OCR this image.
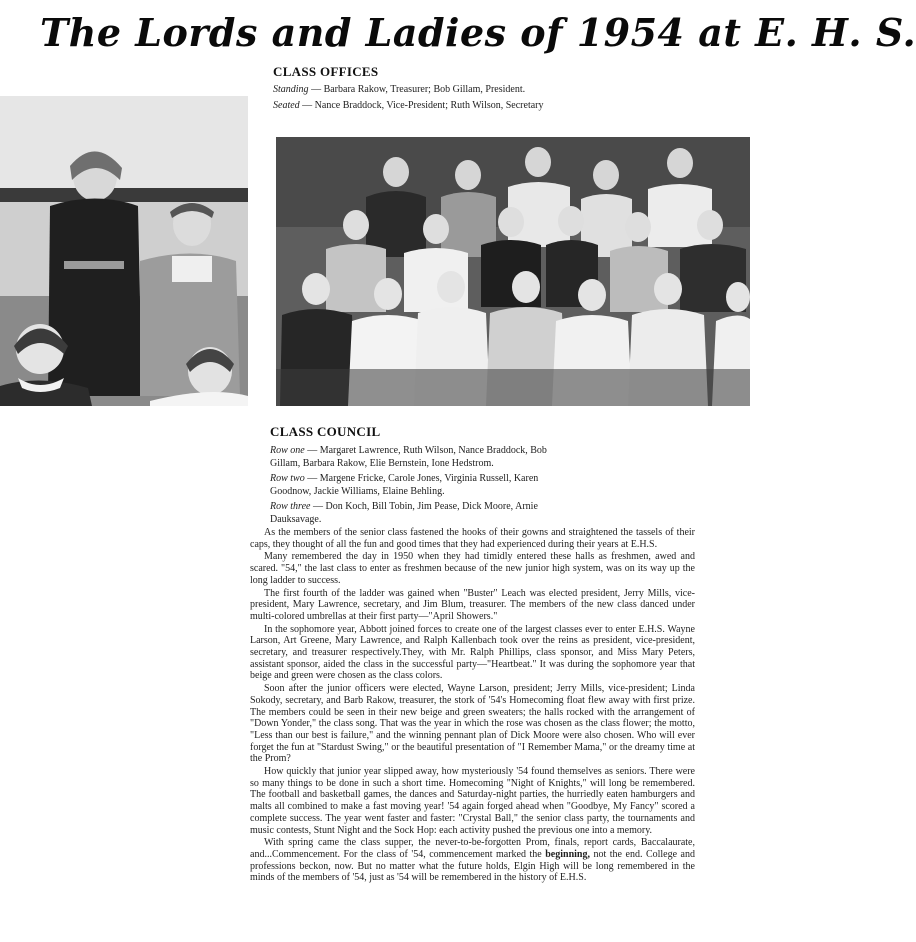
The Lords and Ladies of 1954 at E. H. S.
CLASS OFFICES

Standing — Barbara Rakow, Treasurer; Bob Gillam, President.

Seated — Nance Braddock, Vice-President; Ruth Wilson, Secretary

CLASS COUNCIL

Row one — Margaret Lawrence, Ruth Wilson, Nance Braddock, Bob Gillam, Barbara Rakow, Elie Bernstein, Ione Hedstrom.

Row two — Margene Fricke, Carole Jones, Virginia Russell, Karen Goodnow, Jackie Williams, Elaine Behling.

Row three — Don Koch, Bill Tobin, Jim Pease, Dick Moore, Arnie Dauksavage.

As the members of the senior class fastened the hooks of their gowns and straightened the tassels of their caps, they thought of all the fun and good times that they had experienced during their years at E.H.S.

Many remembered the day in 1950 when they had timidly entered these halls as freshmen, awed and scared. "54," the last class to enter as freshmen because of the new junior high system, was on its way up the long ladder to success.

The first fourth of the ladder was gained when "Buster" Leach was elected president, Jerry Mills, vice-president, Mary Lawrence, secretary, and Jim Blum, treasurer. The members of the new class danced under multi-colored umbrellas at their first party—"April Showers."

In the sophomore year, Abbott joined forces to create one of the largest classes ever to enter E.H.S. Wayne Larson, Art Greene, Mary Lawrence, and Ralph Kallenbach took over the reins as president, vice-president, secretary, and treasurer respectively.They, with Mr. Ralph Phillips, class sponsor, and Miss Mary Peters, assistant sponsor, aided the class in the successful party—"Heartbeat." It was during the sophomore year that beige and green were chosen as the class colors.

Soon after the junior officers were elected, Wayne Larson, president; Jerry Mills, vice-president; Linda Sokody, secretary, and Barb Rakow, treasurer, the stork of '54's Homecoming float flew away with first prize. The members could be seen in their new beige and green sweaters; the halls rocked with the arrangement of "Down Yonder," the class song. That was the year in which the rose was chosen as the class flower; the motto, "Less than our best is failure," and the winning pennant plan of Dick Moore were also chosen. Who will ever forget the fun at "Stardust Swing," or the beautiful presentation of "I Remember Mama," or the dreamy time at the Prom?

How quickly that junior year slipped away, how mysteriously '54 found themselves as seniors. There were so many things to be done in such a short time. Homecoming "Night of Knights," will long be remembered. The football and basketball games, the dances and Saturday-night parties, the hurriedly eaten hamburgers and malts all combined to make a fast moving year! '54 again forged ahead when "Goodbye, My Fancy" scored a complete success. The year went faster and faster: "Crystal Ball," the senior class party, the tournaments and music contests, Stunt Night and the Sock Hop: each activity pushed the previous one into a memory.

With spring came the class supper, the never-to-be-forgotten Prom, finals, report cards, Baccalaurate, and...Commencement. For the class of '54, commencement marked the beginning, not the end. College and professions beckon, now. But no matter what the future holds, Elgin High will be long remembered in the minds of the members of '54, just as '54 will be remembered in the history of E.H.S.
